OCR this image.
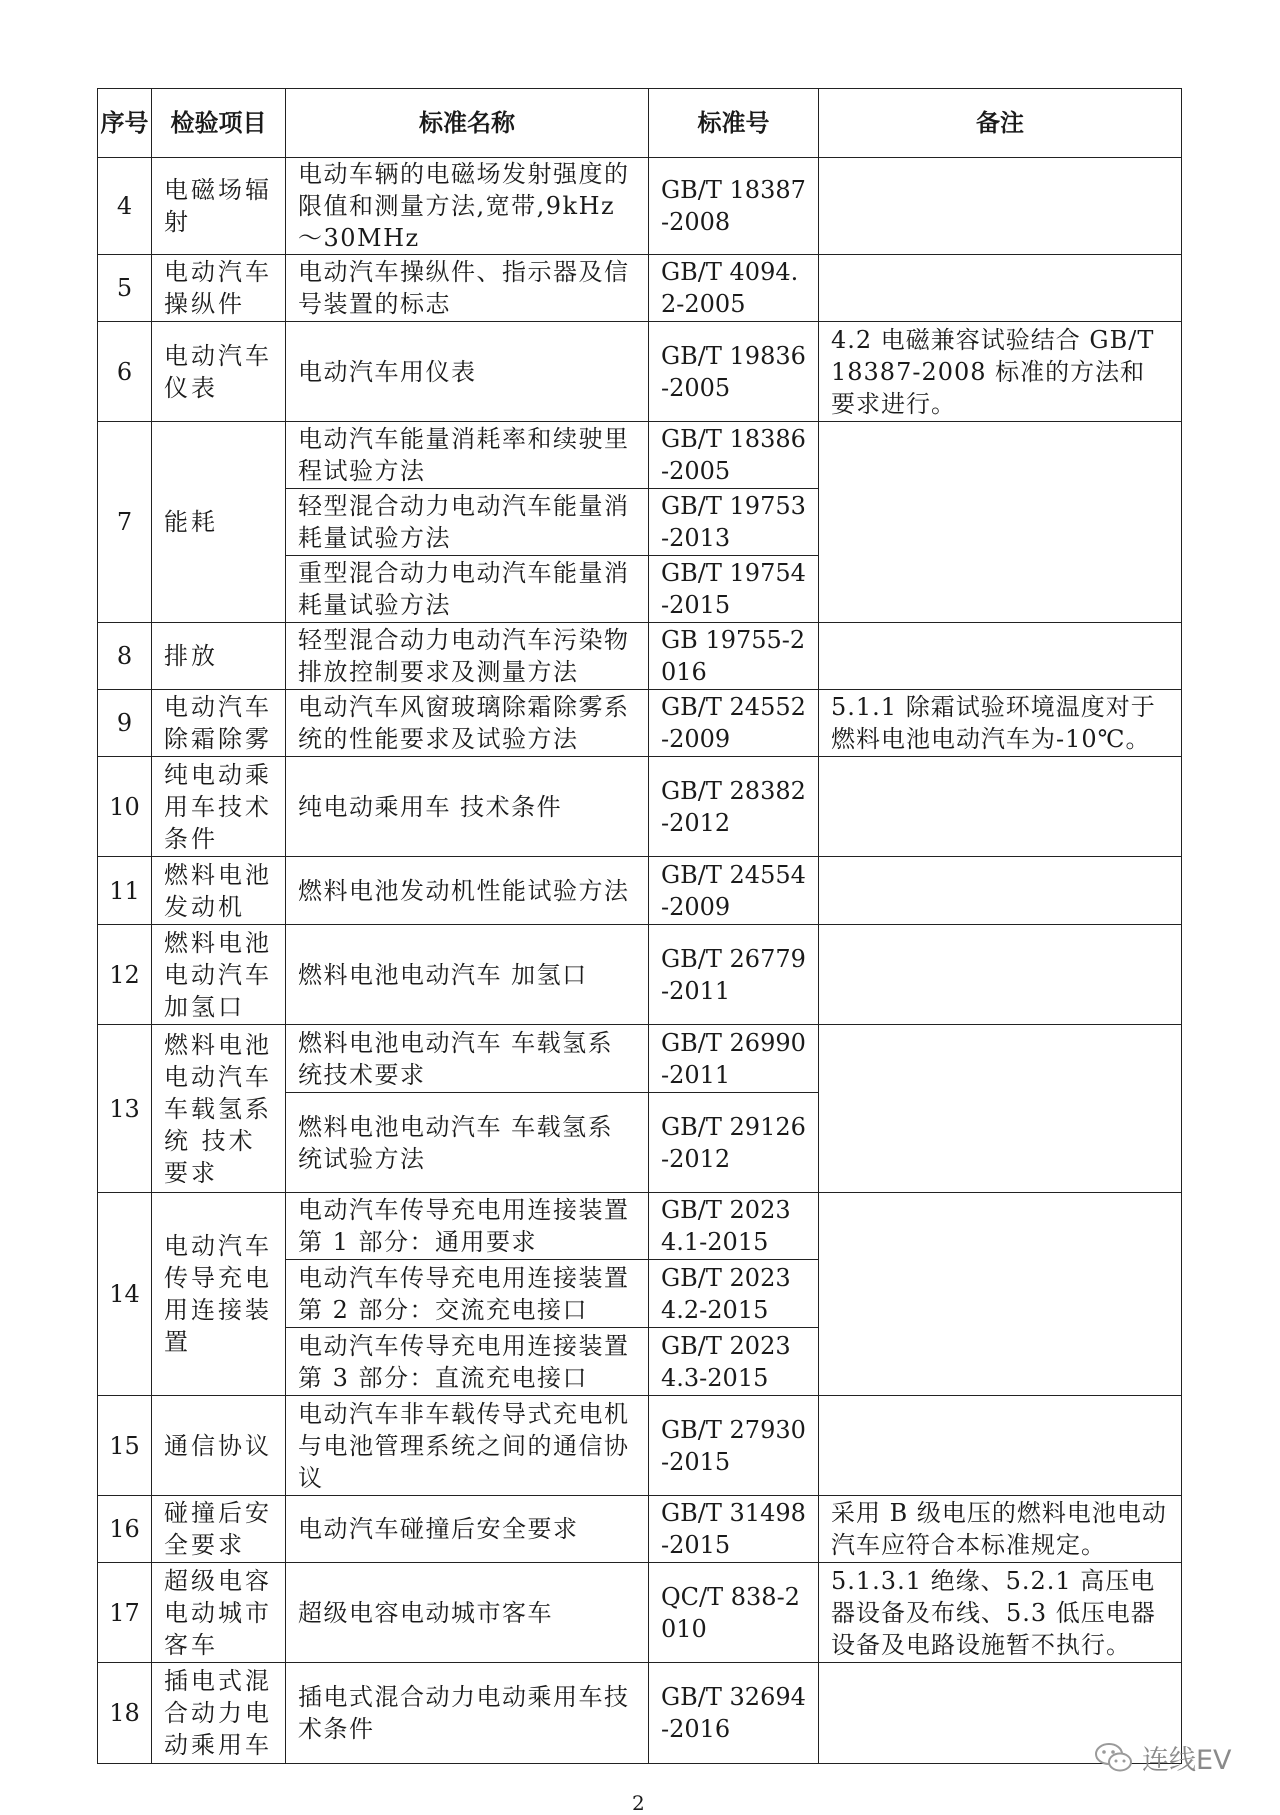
序号	检验项目	标准名称	标准号	备注
4	电磁场辐射	电动车辆的电磁场发射强度的限值和测量方法,宽带,9kHz～30MHz	GB/T 18387-2008	
5	电动汽车操纵件	电动汽车操纵件、指示器及信号装置的标志	GB/T 4094.2-2005	
6	电动汽车仪表	电动汽车用仪表	GB/T 19836-2005	4.2 电磁兼容试验结合 GB/T 18387-2008 标准的方法和要求进行。
7	能耗	电动汽车能量消耗率和续驶里程试验方法	GB/T 18386-2005	
		轻型混合动力电动汽车能量消耗量试验方法	GB/T 19753-2013	
		重型混合动力电动汽车能量消耗量试验方法	GB/T 19754-2015	
8	排放	轻型混合动力电动汽车污染物排放控制要求及测量方法	GB 19755-2016	
9	电动汽车除霜除雾	电动汽车风窗玻璃除霜除雾系统的性能要求及试验方法	GB/T 24552-2009	5.1.1 除霜试验环境温度对于燃料电池电动汽车为-10℃。
10	纯电动乘用车技术条件	纯电动乘用车 技术条件	GB/T 28382-2012	
11	燃料电池发动机	燃料电池发动机性能试验方法	GB/T 24554-2009	
12	燃料电池电动汽车加氢口	燃料电池电动汽车 加氢口	GB/T 26779-2011	
13	燃料电池电动汽车车载氢系统 技术要求	燃料电池电动汽车 车载氢系统技术要求	GB/T 26990-2011	
		燃料电池电动汽车 车载氢系统试验方法	GB/T 29126-2012	
14	电动汽车传导充电用连接装置	电动汽车传导充电用连接装置第 1 部分：通用要求	GB/T 20234.1-2015	
		电动汽车传导充电用连接装置第 2 部分：交流充电接口	GB/T 20234.2-2015	
		电动汽车传导充电用连接装置第 3 部分：直流充电接口	GB/T 20234.3-2015	
15	通信协议	电动汽车非车载传导式充电机与电池管理系统之间的通信协议	GB/T 27930-2015	
16	碰撞后安全要求	电动汽车碰撞后安全要求	GB/T 31498-2015	采用 B 级电压的燃料电池电动汽车应符合本标准规定。
17	超级电容电动城市客车	超级电容电动城市客车	QC/T 838-2010	5.1.3.1 绝缘、5.2.1 高压电器设备及布线、5.3 低压电器设备及电路设施暂不执行。
18	插电式混合动力电动乘用车	插电式混合动力电动乘用车技术条件	GB/T 32694-2016	
2
连线EV
